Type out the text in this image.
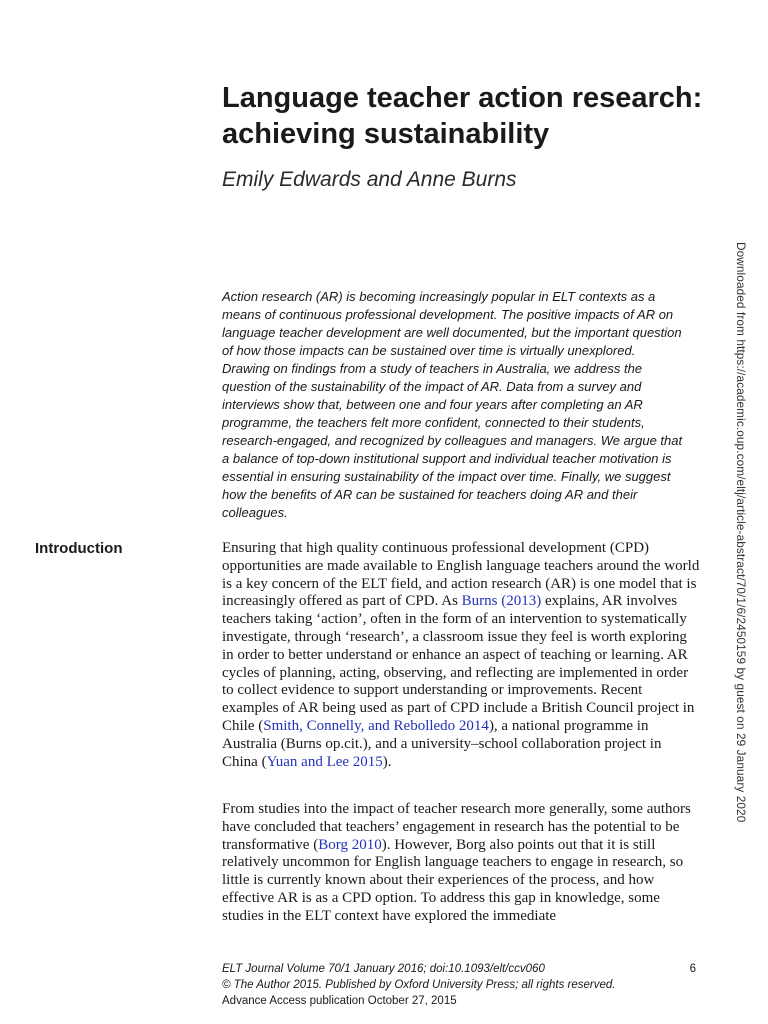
Language teacher action research: achieving sustainability
Emily Edwards and Anne Burns
Action research (AR) is becoming increasingly popular in ELT contexts as a means of continuous professional development. The positive impacts of AR on language teacher development are well documented, but the important question of how those impacts can be sustained over time is virtually unexplored. Drawing on findings from a study of teachers in Australia, we address the question of the sustainability of the impact of AR. Data from a survey and interviews show that, between one and four years after completing an AR programme, the teachers felt more confident, connected to their students, research-engaged, and recognized by colleagues and managers. We argue that a balance of top-down institutional support and individual teacher motivation is essential in ensuring sustainability of the impact over time. Finally, we suggest how the benefits of AR can be sustained for teachers doing AR and their colleagues.
Introduction	Ensuring that high quality continuous professional development (CPD) opportunities are made available to English language teachers around the world is a key concern of the ELT field, and action research (AR) is one model that is increasingly offered as part of CPD. As Burns (2013) explains, AR involves teachers taking ‘action’, often in the form of an intervention to systematically investigate, through ‘research’, a classroom issue they feel is worth exploring in order to better understand or enhance an aspect of teaching or learning. AR cycles of planning, acting, observing, and reflecting are implemented in order to collect evidence to support understanding or improvements. Recent examples of AR being used as part of CPD include a British Council project in Chile (Smith, Connelly, and Rebolledo 2014), a national programme in Australia (Burns op.cit.), and a university–school collaboration project in China (Yuan and Lee 2015).

From studies into the impact of teacher research more generally, some authors have concluded that teachers’ engagement in research has the potential to be transformative (Borg 2010). However, Borg also points out that it is still relatively uncommon for English language teachers to engage in research, so little is currently known about their experiences of the process, and how effective AR is as a CPD option. To address this gap in knowledge, some studies in the ELT context have explored the immediate

ELT Journal Volume 70/1 January 2016; doi:10.1093/elt/ccv060	6
© The Author 2015. Published by Oxford University Press; all rights reserved.
Advance Access publication October 27, 2015
Downloaded from https://academic.oup.com/eltj/article-abstract/70/1/6/2450159 by guest on 29 January 2020
